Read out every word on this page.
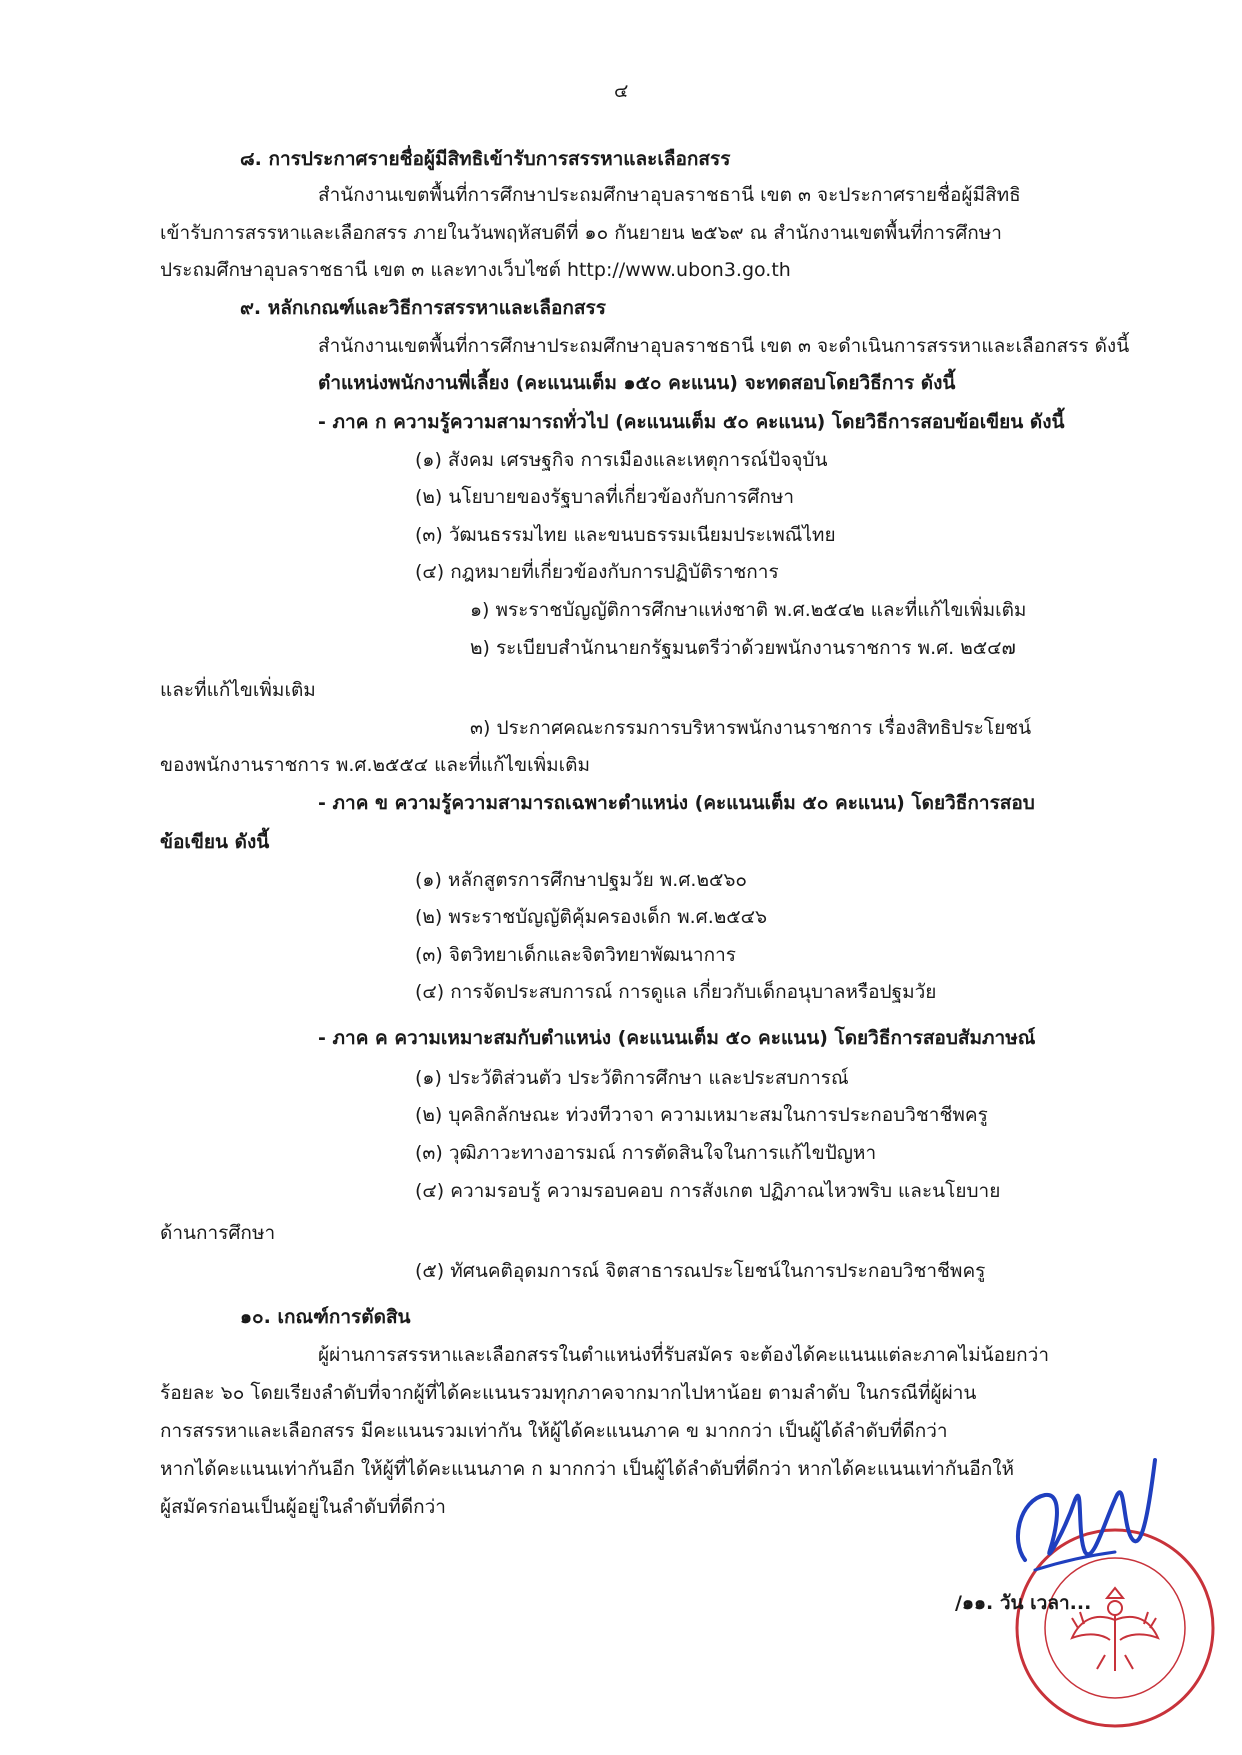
๔
๘. การประกาศรายชื่อผู้มีสิทธิเข้ารับการสรรหาและเลือกสรร
สำนักงานเขตพื้นที่การศึกษาประถมศึกษาอุบลราชธานี เขต ๓ จะประกาศรายชื่อผู้มีสิทธิ
เข้ารับการสรรหาและเลือกสรร ภายในวันพฤหัสบดีที่ ๑๐ กันยายน ๒๕๖๙ ณ สำนักงานเขตพื้นที่การศึกษา
ประถมศึกษาอุบลราชธานี เขต ๓ และทางเว็บไซต์ http://www.ubon3.go.th
๙. หลักเกณฑ์และวิธีการสรรหาและเลือกสรร
สำนักงานเขตพื้นที่การศึกษาประถมศึกษาอุบลราชธานี เขต ๓ จะดำเนินการสรรหาและเลือกสรร ดังนี้
ตำแหน่งพนักงานพี่เลี้ยง (คะแนนเต็ม ๑๕๐ คะแนน) จะทดสอบโดยวิธีการ ดังนี้
- ภาค ก ความรู้ความสามารถทั่วไป (คะแนนเต็ม ๕๐ คะแนน) โดยวิธีการสอบข้อเขียน ดังนี้
(๑) สังคม เศรษฐกิจ การเมืองและเหตุการณ์ปัจจุบัน
(๒) นโยบายของรัฐบาลที่เกี่ยวข้องกับการศึกษา
(๓) วัฒนธรรมไทย และขนบธรรมเนียมประเพณีไทย
(๔) กฎหมายที่เกี่ยวข้องกับการปฏิบัติราชการ
๑) พระราชบัญญัติการศึกษาแห่งชาติ พ.ศ.๒๕๔๒ และที่แก้ไขเพิ่มเติม
๒) ระเบียบสำนักนายกรัฐมนตรีว่าด้วยพนักงานราชการ พ.ศ. ๒๕๔๗
และที่แก้ไขเพิ่มเติม
๓) ประกาศคณะกรรมการบริหารพนักงานราชการ เรื่องสิทธิประโยชน์
ของพนักงานราชการ พ.ศ.๒๕๕๔ และที่แก้ไขเพิ่มเติม
- ภาค ข ความรู้ความสามารถเฉพาะตำแหน่ง (คะแนนเต็ม ๕๐ คะแนน) โดยวิธีการสอบ
ข้อเขียน ดังนี้
(๑) หลักสูตรการศึกษาปฐมวัย พ.ศ.๒๕๖๐
(๒) พระราชบัญญัติคุ้มครองเด็ก พ.ศ.๒๕๔๖
(๓) จิตวิทยาเด็กและจิตวิทยาพัฒนาการ
(๔) การจัดประสบการณ์ การดูแล เกี่ยวกับเด็กอนุบาลหรือปฐมวัย
- ภาค ค ความเหมาะสมกับตำแหน่ง (คะแนนเต็ม ๕๐ คะแนน) โดยวิธีการสอบสัมภาษณ์
(๑) ประวัติส่วนตัว ประวัติการศึกษา และประสบการณ์
(๒) บุคลิกลักษณะ ท่วงทีวาจา ความเหมาะสมในการประกอบวิชาชีพครู
(๓) วุฒิภาวะทางอารมณ์ การตัดสินใจในการแก้ไขปัญหา
(๔) ความรอบรู้ ความรอบคอบ การสังเกต ปฏิภาณไหวพริบ และนโยบาย
ด้านการศึกษา
(๕) ทัศนคติอุดมการณ์ จิตสาธารณประโยชน์ในการประกอบวิชาชีพครู
๑๐. เกณฑ์การตัดสิน
ผู้ผ่านการสรรหาและเลือกสรรในตำแหน่งที่รับสมัคร จะต้องได้คะแนนแต่ละภาคไม่น้อยกว่า
ร้อยละ ๖๐ โดยเรียงลำดับที่จากผู้ที่ได้คะแนนรวมทุกภาคจากมากไปหาน้อย ตามลำดับ ในกรณีที่ผู้ผ่าน
การสรรหาและเลือกสรร มีคะแนนรวมเท่ากัน ให้ผู้ได้คะแนนภาค ข มากกว่า เป็นผู้ได้ลำดับที่ดีกว่า
หากได้คะแนนเท่ากันอีก ให้ผู้ที่ได้คะแนนภาค ก มากกว่า เป็นผู้ได้ลำดับที่ดีกว่า หากได้คะแนนเท่ากันอีกให้
ผู้สมัครก่อนเป็นผู้อยู่ในลำดับที่ดีกว่า
/๑๑. วัน เวลา...
